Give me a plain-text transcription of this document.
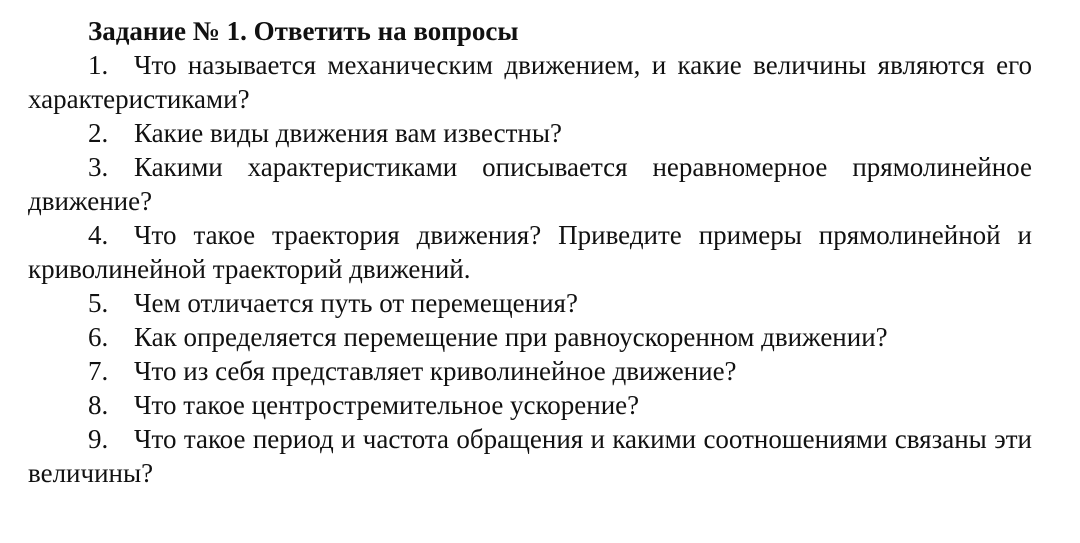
Задание № 1. Ответить на вопросы
1. Что называется механическим движением, и какие величины являются его характеристиками?
2. Какие виды движения вам известны?
3. Какими характеристиками описывается неравномерное прямолинейное движение?
4. Что такое траектория движения? Приведите примеры прямолинейной и криволинейной траекторий движений.
5. Чем отличается путь от перемещения?
6. Как определяется перемещение при равноускоренном движении?
7. Что из себя представляет криволинейное движение?
8. Что такое центростремительное ускорение?
9. Что такое период и частота обращения и какими соотношениями связаны эти величины?
